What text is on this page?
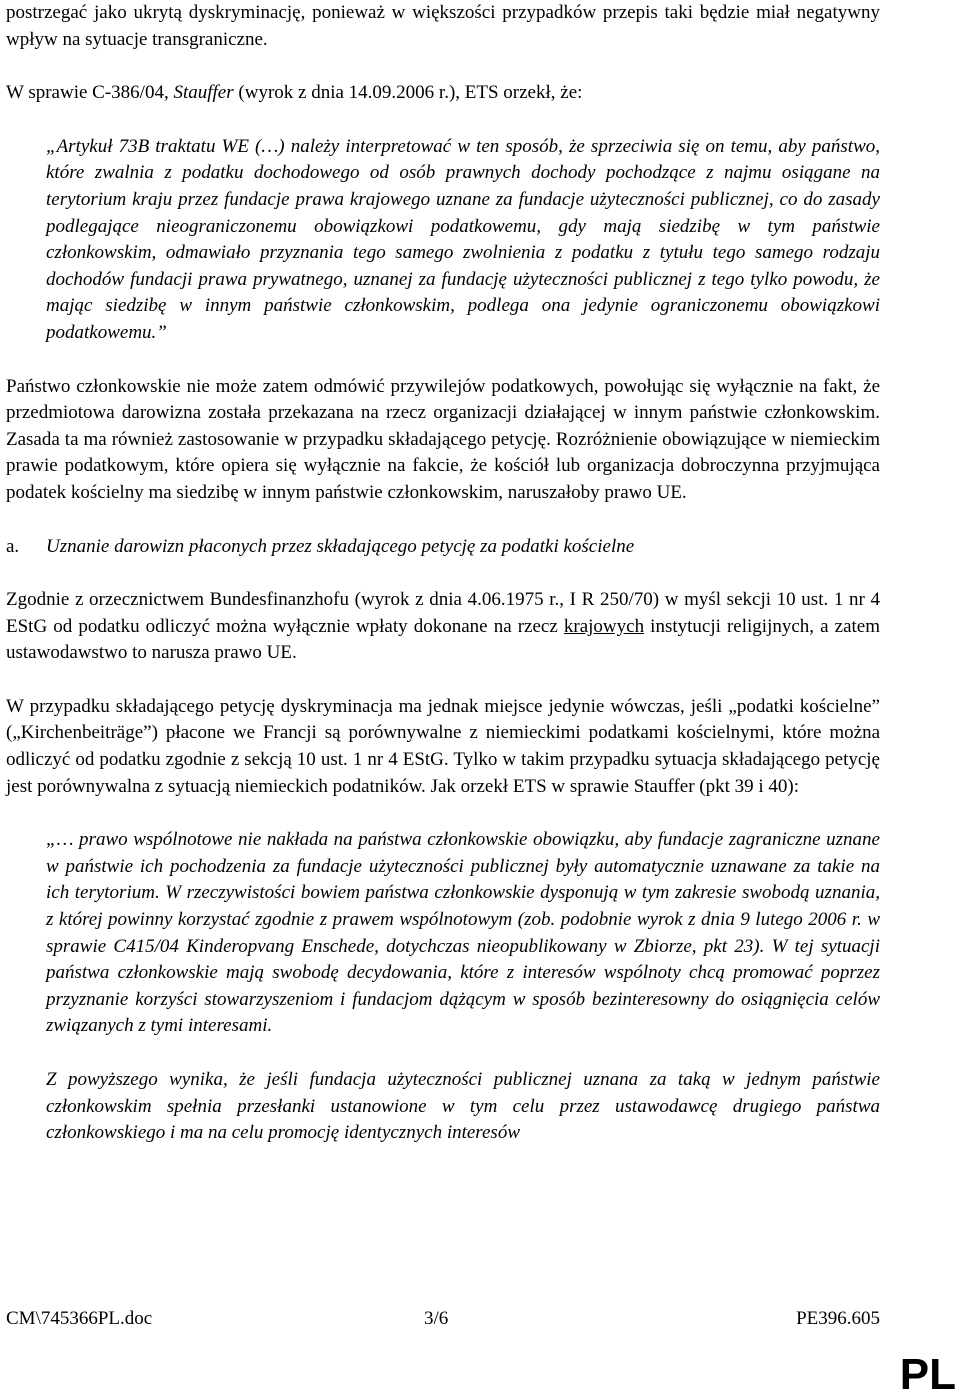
postrzegać jako ukrytą dyskryminację, ponieważ w większości przypadków przepis taki będzie miał negatywny wpływ na sytuacje transgraniczne.

W sprawie C-386/04, Stauffer (wyrok z dnia 14.09.2006 r.), ETS orzekł, że:

„Artykuł 73B traktatu WE (…) należy interpretować w ten sposób, że sprzeciwia się on temu, aby państwo, które zwalnia z podatku dochodowego od osób prawnych dochody pochodzące z najmu osiągane na terytorium kraju przez fundacje prawa krajowego uznane za fundacje użyteczności publicznej, co do zasady podlegające nieograniczonemu obowiązkowi podatkowemu, gdy mają siedzibę w tym państwie członkowskim, odmawiało przyznania tego samego zwolnienia z podatku z tytułu tego samego rodzaju dochodów fundacji prawa prywatnego, uznanej za fundację użyteczności publicznej z tego tylko powodu, że mając siedzibę w innym państwie członkowskim, podlega ona jedynie ograniczonemu obowiązkowi podatkowemu.”

Państwo członkowskie nie może zatem odmówić przywilejów podatkowych, powołując się wyłącznie na fakt, że przedmiotowa darowizna została przekazana na rzecz organizacji działającej w innym państwie członkowskim. Zasada ta ma również zastosowanie w przypadku składającego petycję. Rozróżnienie obowiązujące w niemieckim prawie podatkowym, które opiera się wyłącznie na fakcie, że kościół lub organizacja dobroczynna przyjmująca podatek kościelny ma siedzibę w innym państwie członkowskim, naruszałoby prawo UE.

a.	Uznanie darowizn płaconych przez składającego petycję za podatki kościelne

Zgodnie z orzecznictwem Bundesfinanzhofu (wyrok z dnia 4.06.1975 r., I R 250/70) w myśl sekcji 10 ust. 1 nr 4 EStG od podatku odliczyć można wyłącznie wpłaty dokonane na rzecz krajowych instytucji religijnych, a zatem ustawodawstwo to narusza prawo UE.

W przypadku składającego petycję dyskryminacja ma jednak miejsce jedynie wówczas, jeśli „podatki kościelne” („Kirchenbeiträge”) płacone we Francji są porównywalne z niemieckimi podatkami kościelnymi, które można odliczyć od podatku zgodnie z sekcją 10 ust. 1 nr 4 EStG. Tylko w takim przypadku sytuacja składającego petycję jest porównywalna z sytuacją niemieckich podatników. Jak orzekł ETS w sprawie Stauffer (pkt 39 i 40):

„… prawo wspólnotowe nie nakłada na państwa członkowskie obowiązku, aby fundacje zagraniczne uznane w państwie ich pochodzenia za fundacje użyteczności publicznej były automatycznie uznawane za takie na ich terytorium. W rzeczywistości bowiem państwa członkowskie dysponują w tym zakresie swobodą uznania, z której powinny korzystać zgodnie z prawem wspólnotowym (zob. podobnie wyrok z dnia 9 lutego 2006 r. w sprawie C415/04 Kinderopvang Enschede, dotychczas nieopublikowany w Zbiorze, pkt 23). W tej sytuacji państwa członkowskie mają swobodę decydowania, które z interesów wspólnoty chcą promować poprzez przyznanie korzyści stowarzyszeniom i fundacjom dążącym w sposób bezinteresowny do osiągnięcia celów związanych z tymi interesami.

Z powyższego wynika, że jeśli fundacja użyteczności publicznej uznana za taką w jednym państwie członkowskim spełnia przesłanki ustanowione w tym celu przez ustawodawcę drugiego państwa członkowskiego i ma na celu promocję identycznych interesów

CM\745366PL.doc	3/6	PE396.605
PL
